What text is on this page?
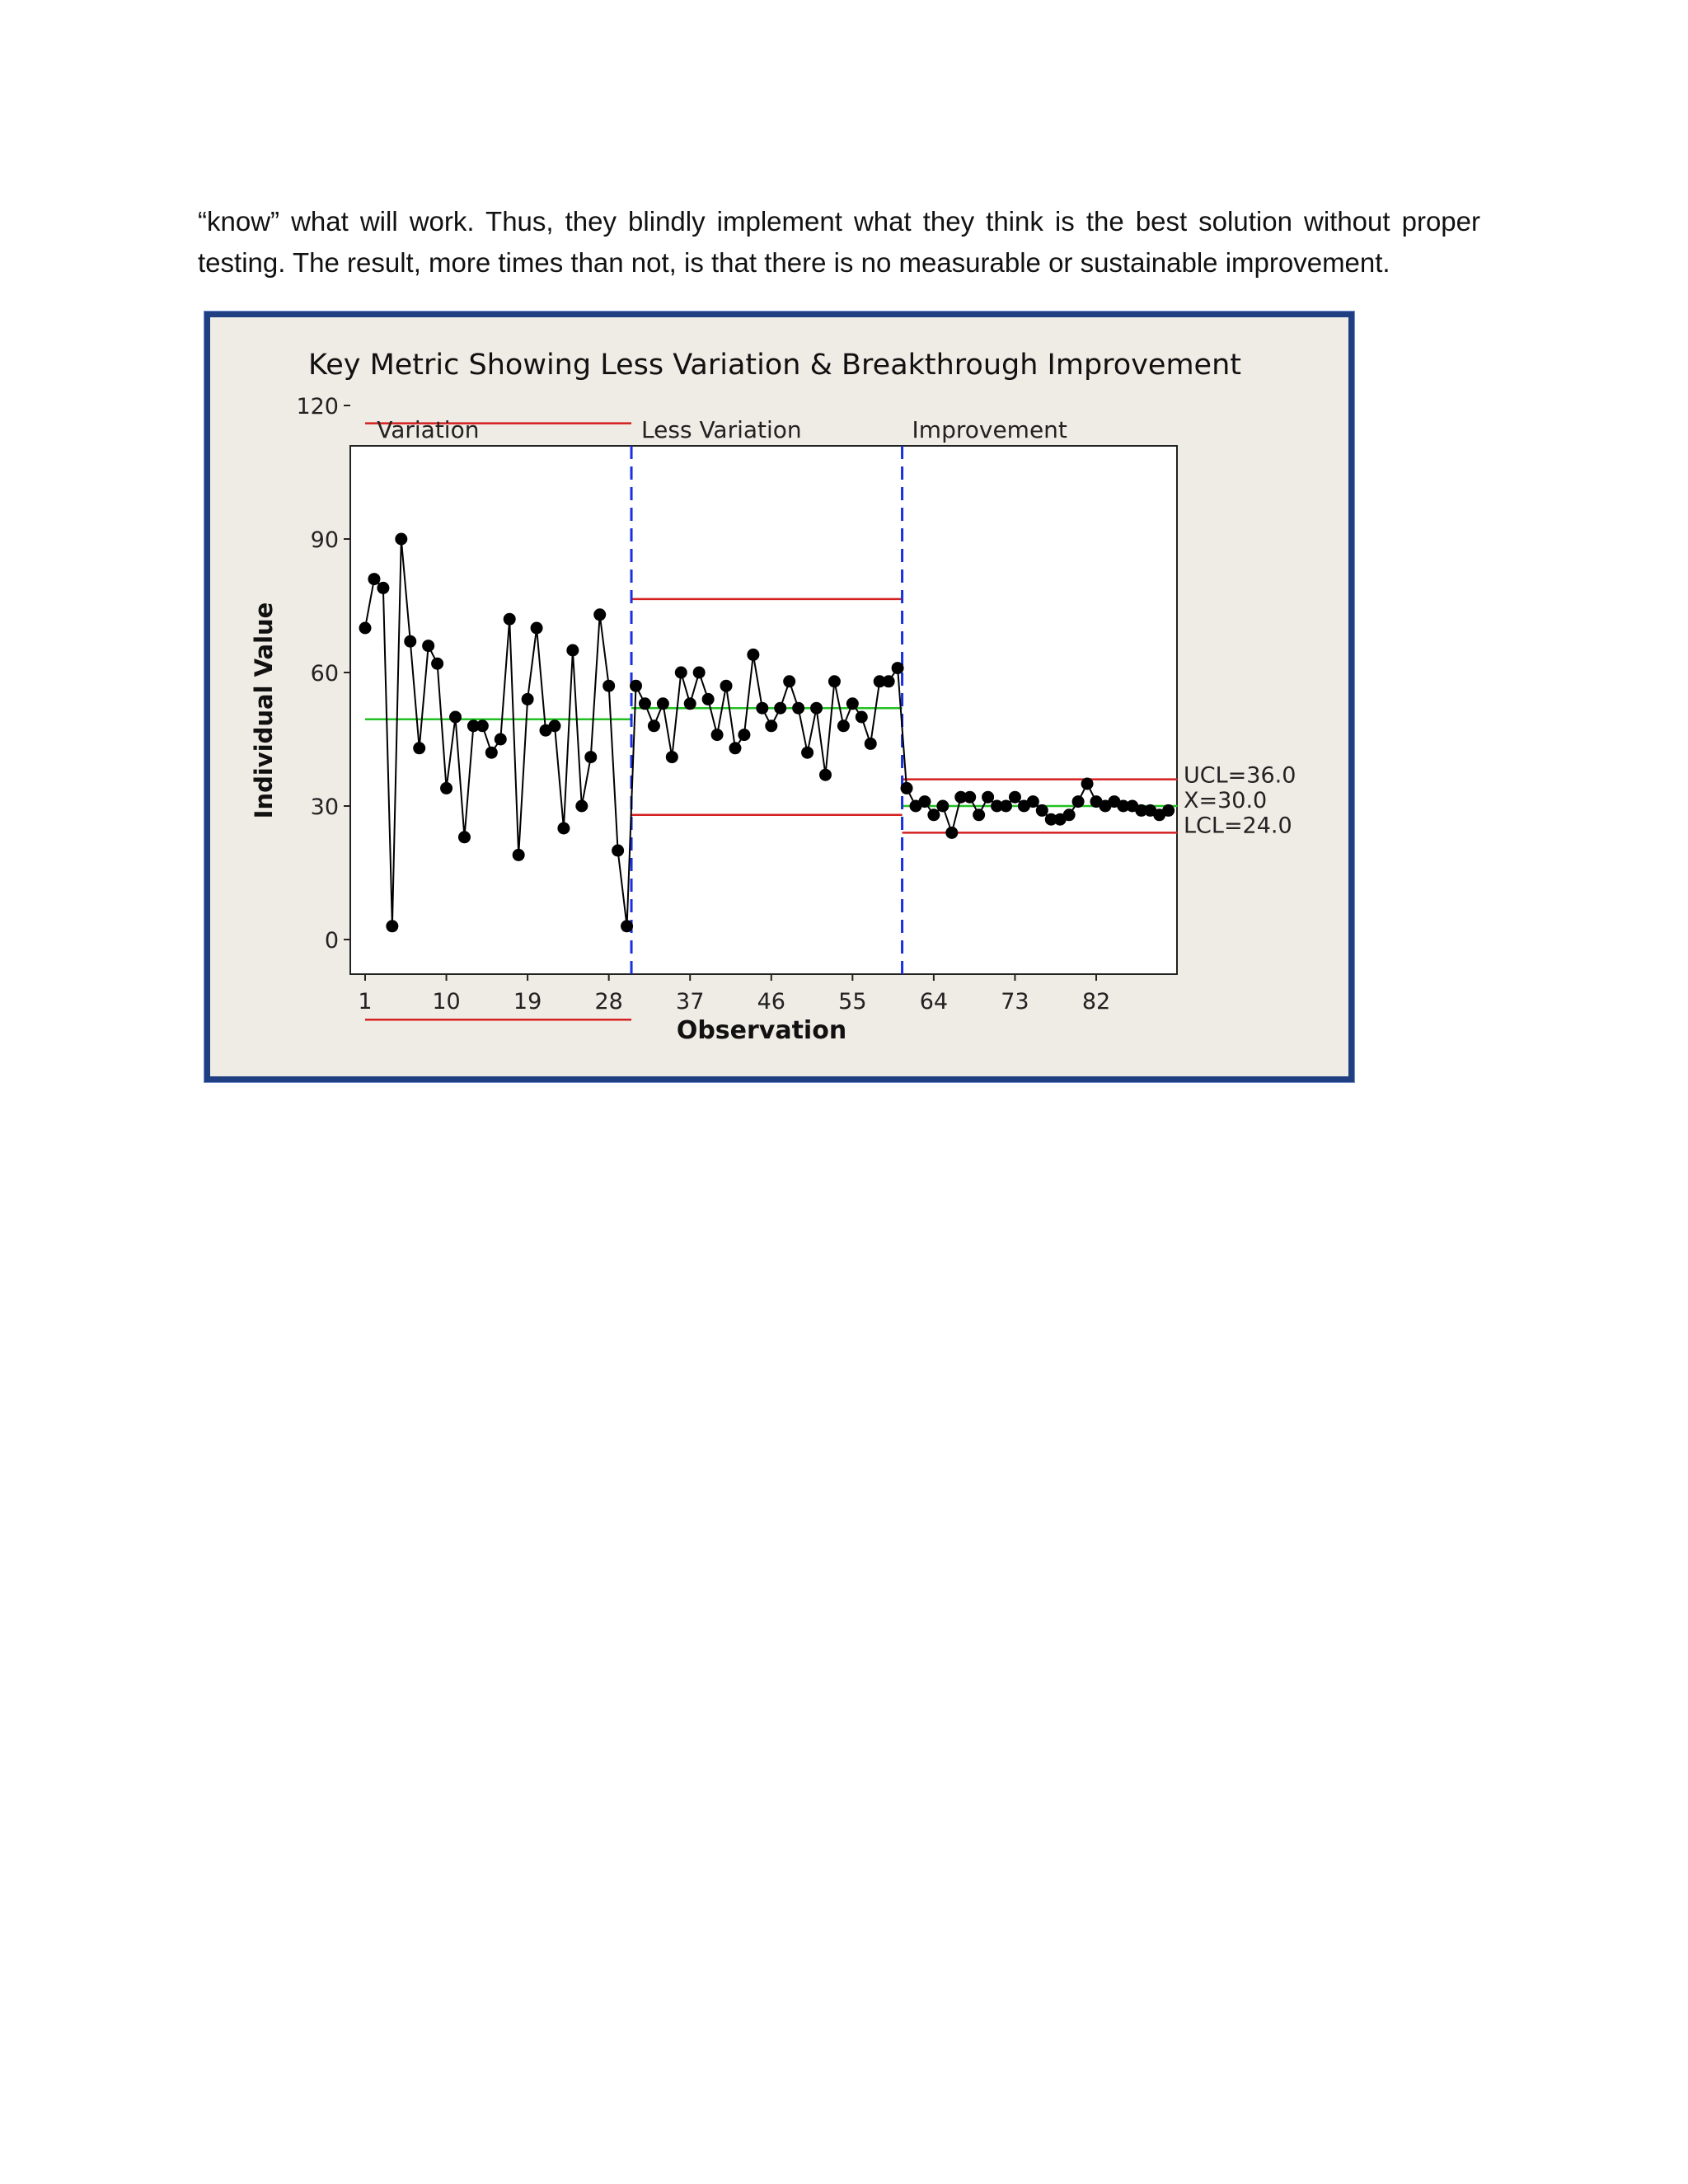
“know” what will work. Thus, they blindly implement what they think is the best solution without proper testing. The result, more times than not, is that there is no measurable or sustainable improvement.

Key Metric Showing Less Variation & Breakthrough Improvement
0
30
60
90
120
1	10 19 28 37 46 55 64 73 82
Variation	Less Variation	Improvement
UCL=36.0
X=30.0
LCL=24.0
Observation
Individual Value
